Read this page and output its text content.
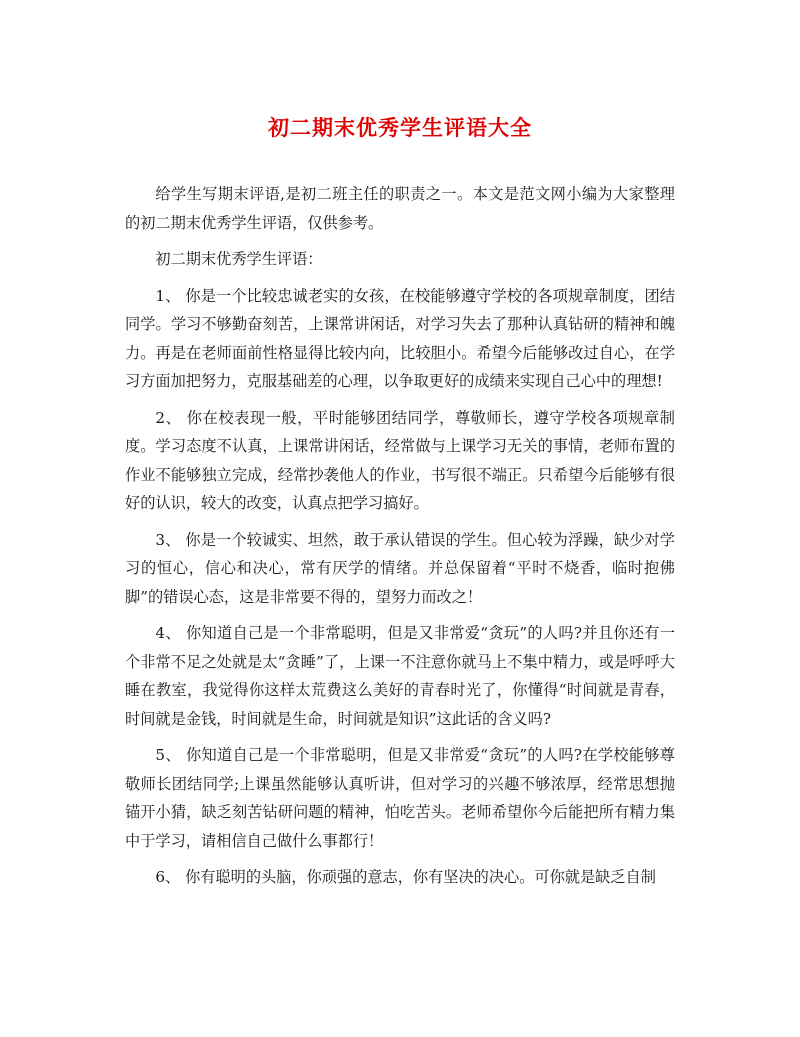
初二期末优秀学生评语大全

给学生写期末评语,是初二班主任的职责之一。本文是范文网小编为大家整理的初二期末优秀学生评语，仅供参考。

初二期末优秀学生评语：

1、 你是一个比较忠诚老实的女孩，在校能够遵守学校的各项规章制度，团结同学。学习不够勤奋刻苦，上课常讲闲话，对学习失去了那种认真钻研的精神和魄力。再是在老师面前性格显得比较内向，比较胆小。希望今后能够改过自心，在学习方面加把努力，克服基础差的心理，以争取更好的成绩来实现自己心中的理想!

2、 你在校表现一般，平时能够团结同学，尊敬师长，遵守学校各项规章制度。学习态度不认真，上课常讲闲话，经常做与上课学习无关的事情，老师布置的作业不能够独立完成，经常抄袭他人的作业，书写很不端正。只希望今后能够有很好的认识，较大的改变，认真点把学习搞好。

3、 你是一个较诚实、坦然，敢于承认错误的学生。但心较为浮躁，缺少对学习的恒心，信心和决心，常有厌学的情绪。并总保留着“平时不烧香，临时抱佛脚”的错误心态，这是非常要不得的，望努力而改之！

4、 你知道自己是一个非常聪明，但是又非常爱“贪玩”的人吗?并且你还有一个非常不足之处就是太“贪睡”了，上课一不注意你就马上不集中精力，或是呼呼大睡在教室，我觉得你这样太荒费这么美好的青春时光了，你懂得“时间就是青春，时间就是金钱，时间就是生命，时间就是知识”这此话的含义吗?

5、 你知道自己是一个非常聪明，但是又非常爱“贪玩”的人吗?在学校能够尊敬师长团结同学;上课虽然能够认真听讲，但对学习的兴趣不够浓厚，经常思想抛锚开小猜，缺乏刻苦钻研问题的精神，怕吃苦头。老师希望你今后能把所有精力集中于学习，请相信自己做什么事都行！

6、 你有聪明的头脑，你顽强的意志，你有坚决的决心。可你就是缺乏自制
